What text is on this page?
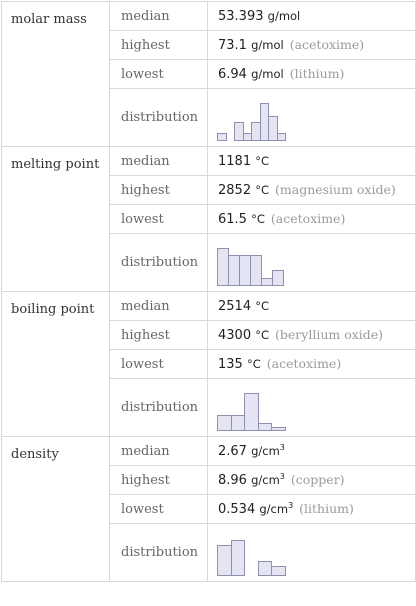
molar mass	median	53.393 g/mol
	highest	73.1 g/mol (acetoxime)
	lowest	6.94 g/mol (lithium)
	distribution	

melting point	median	1181 °C
	highest	2852 °C (magnesium oxide)
	lowest	61.5 °C (acetoxime)
	distribution	

boiling point	median	2514 °C
	highest	4300 °C (beryllium oxide)
	lowest	135 °C (acetoxime)
	distribution	

density	median	2.67 $g/cm^3$
	highest	8.96 $g/cm^3$ (copper)
	lowest	0.534 $g/cm^3$ (lithium)
	distribution	
